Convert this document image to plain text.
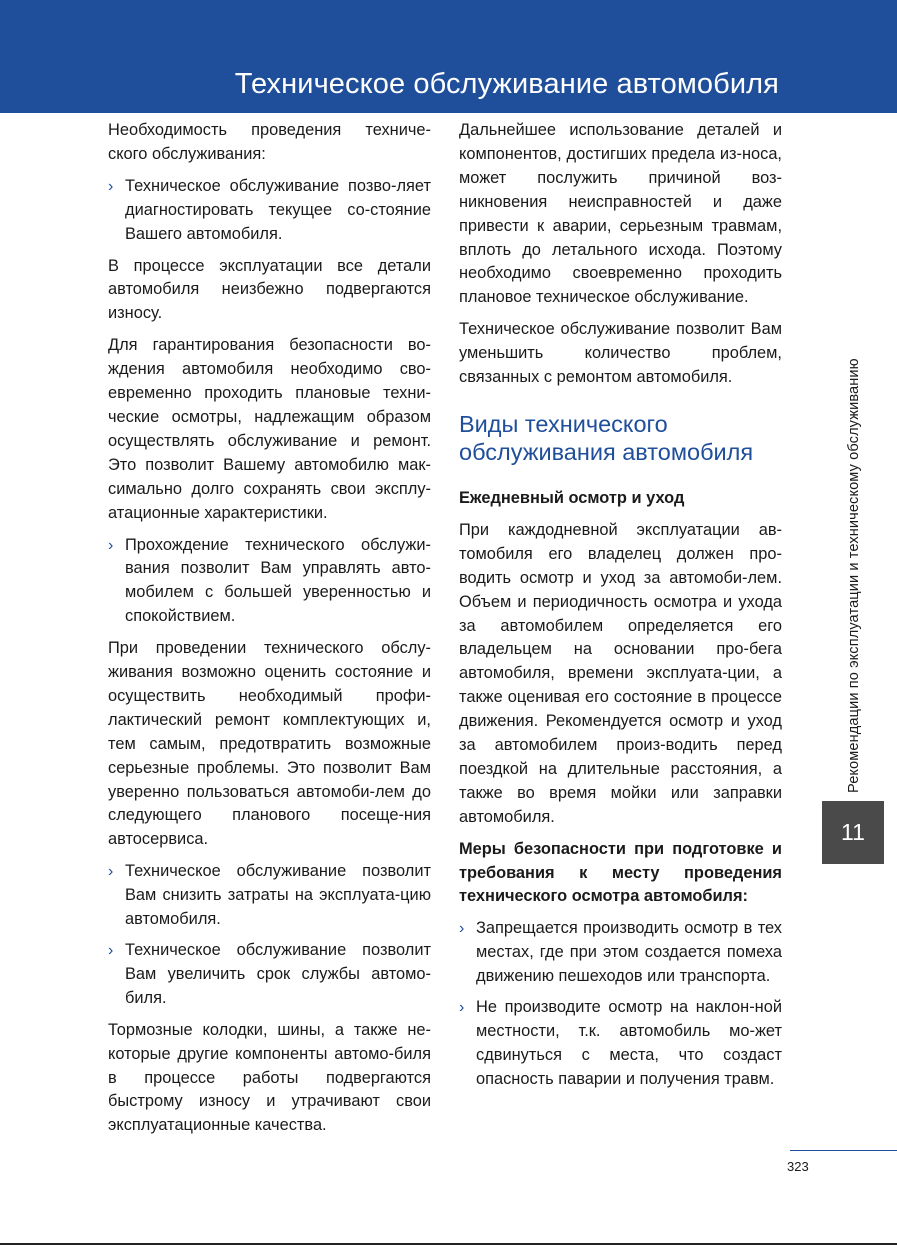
Техническое обслуживание автомобиля

Необходимость проведения техниче-ского обслуживания:

› Техническое обслуживание позво-ляет диагностировать текущее со-стояние Вашего автомобиля.

В процессе эксплуатации все детали автомобиля неизбежно подвергаются износу.

Для гарантирования безопасности во-ждения автомобиля необходимо сво-евременно проходить плановые техни-ческие осмотры, надлежащим образом осуществлять обслуживание и ремонт. Это позволит Вашему автомобилю мак-симально долго сохранять свои эксплу-атационные характеристики.

› Прохождение технического обслужи-вания позволит Вам управлять авто-мобилем с большей уверенностью и спокойствием.

При проведении технического обслу-живания возможно оценить состояние и осуществить необходимый профи-лактический ремонт комплектующих и, тем самым, предотвратить возможные серьезные проблемы. Это позволит Вам уверенно пользоваться автомоби-лем до следующего планового посеще-ния автосервиса.

› Техническое обслуживание позволит Вам снизить затраты на эксплуата-цию автомобиля.
› Техническое обслуживание позволит Вам увеличить срок службы автомо-биля.

Тормозные колодки, шины, а также не-которые другие компоненты автомо-биля в процессе работы подвергаются быстрому износу и утрачивают свои эксплуатационные качества.

Дальнейшее использование деталей и компонентов, достигших предела из-носа, может послужить причиной воз-никновения неисправностей и даже привести к аварии, серьезным травмам, вплоть до летального исхода. Поэтому необходимо своевременно проходить плановое техническое обслуживание.

Техническое обслуживание позволит Вам уменьшить количество проблем, связанных с ремонтом автомобиля.

Виды технического обслуживания автомобиля

Ежедневный осмотр и уход

При каждодневной эксплуатации ав-томобиля его владелец должен про-водить осмотр и уход за автомоби-лем. Объем и периодичность осмотра и ухода за автомобилем определяется его владельцем на основании про-бега автомобиля, времени эксплуата-ции, а также оценивая его состояние в процессе движения. Рекомендуется осмотр и уход за автомобилем произ-водить перед поездкой на длительные расстояния, а также во время мойки или заправки автомобиля.

Меры безопасности при подготовке и требования к месту проведения технического осмотра автомобиля:

› Запрещается производить осмотр в тех местах, где при этом создается помеха движению пешеходов или транспорта.
› Не производите осмотр на наклон-ной местности, т.к. автомобиль мо-жет сдвинуться с места, что создаст опасность паварии и получения травм.
Рекомендации по эксплуатации и техническому обслуживанию
11
323
